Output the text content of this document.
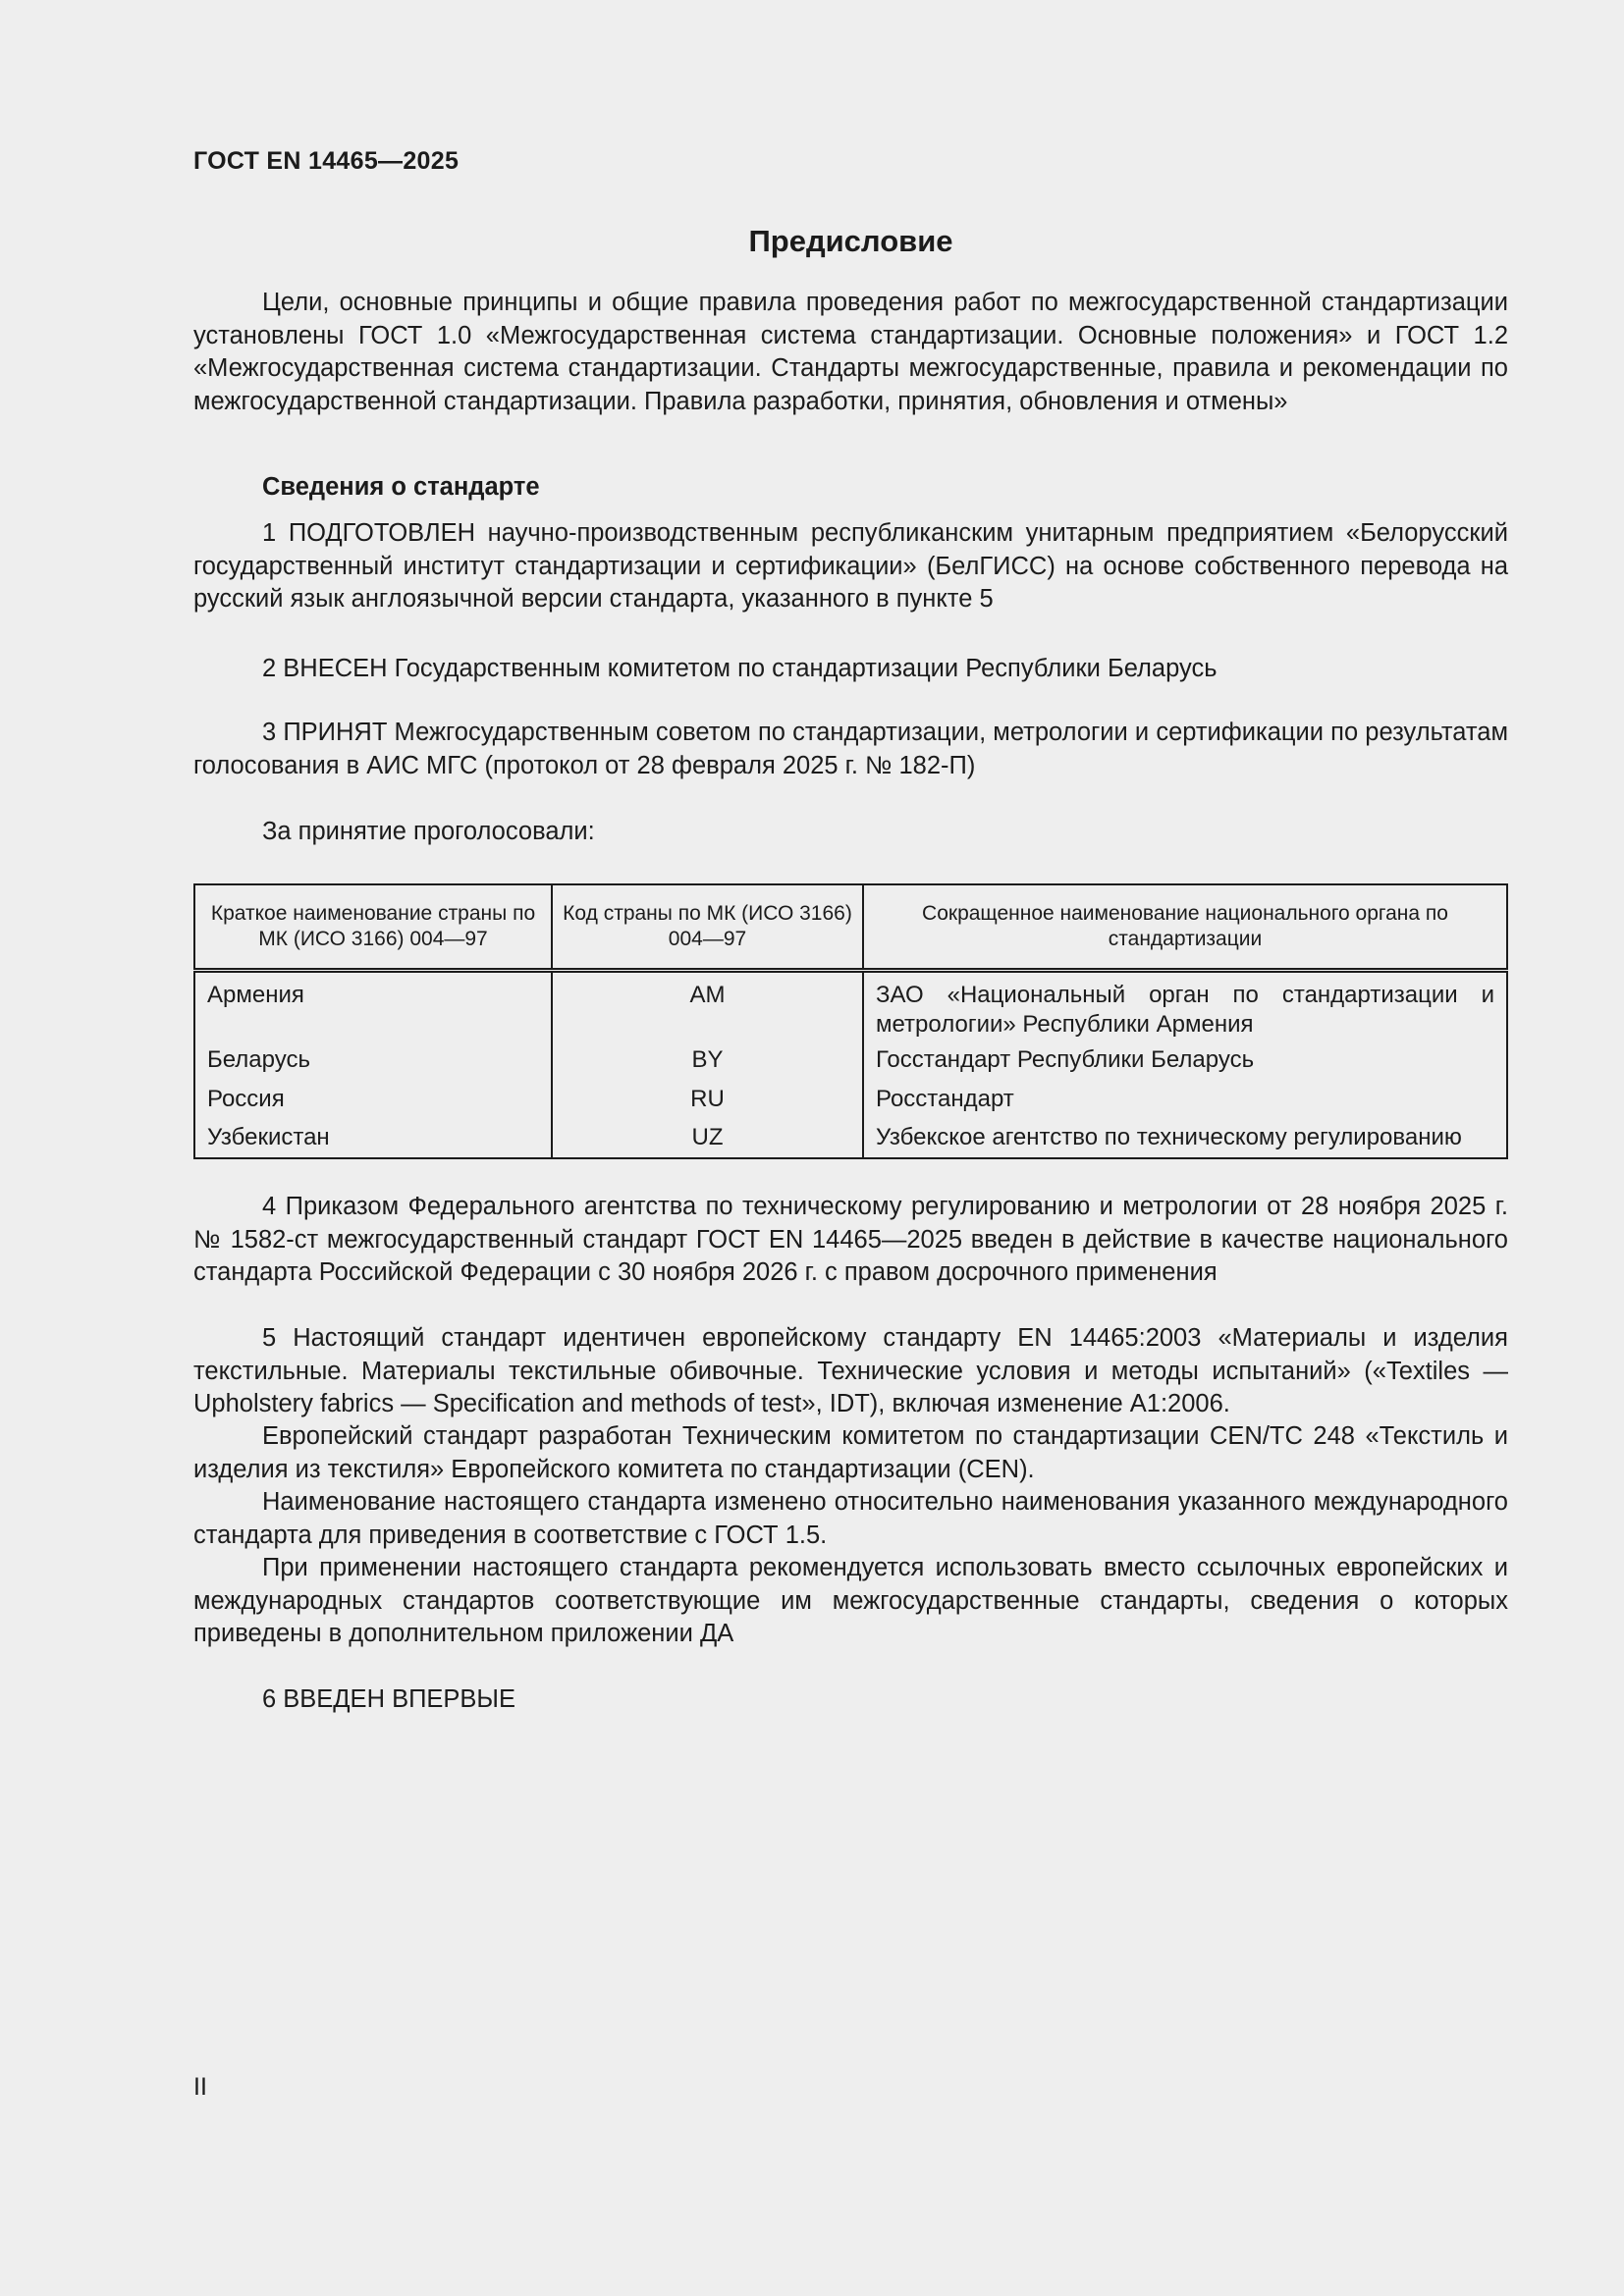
ГОСТ EN 14465—2025
Предисловие

Цели, основные принципы и общие правила проведения работ по межгосударственной стандартизации установлены ГОСТ 1.0 «Межгосударственная система стандартизации. Основные положения» и ГОСТ 1.2 «Межгосударственная система стандартизации. Стандарты межгосударственные, правила и рекомендации по межгосударственной стандартизации. Правила разработки, принятия, обновления и отмены»

Сведения о стандарте

1 ПОДГОТОВЛЕН научно-производственным республиканским унитарным предприятием «Белорусский государственный институт стандартизации и сертификации» (БелГИСС) на основе собственного перевода на русский язык англоязычной версии стандарта, указанного в пункте 5

2 ВНЕСЕН Государственным комитетом по стандартизации Республики Беларусь

3 ПРИНЯТ Межгосударственным советом по стандартизации, метрологии и сертификации по результатам голосования в АИС МГС (протокол от 28 февраля 2025 г. № 182-П)

За принятие проголосовали:

Краткое наименование страны по МК (ИСО 3166) 004—97	Код страны по МК (ИСО 3166) 004—97	Сокращенное наименование национального органа по стандартизации
Армения	AM	ЗАО «Национальный орган по стандартизации и метрологии» Республики Армения
Беларусь	BY	Госстандарт Республики Беларусь
Россия	RU	Росстандарт
Узбекистан	UZ	Узбекское агентство по техническому регулированию

4 Приказом Федерального агентства по техническому регулированию и метрологии от 28 ноября 2025 г. № 1582-ст межгосударственный стандарт ГОСТ EN 14465—2025 введен в действие в качестве национального стандарта Российской Федерации с 30 ноября 2026 г. с правом досрочного применения

5 Настоящий стандарт идентичен европейскому стандарту EN 14465:2003 «Материалы и изделия текстильные. Материалы текстильные обивочные. Технические условия и методы испытаний» («Textiles — Upholstery fabrics — Specification and methods of test», IDT), включая изменение A1:2006.

Европейский стандарт разработан Техническим комитетом по стандартизации CEN/TC 248 «Текстиль и изделия из текстиля» Европейского комитета по стандартизации (CEN).

Наименование настоящего стандарта изменено относительно наименования указанного международного стандарта для приведения в соответствие с ГОСТ 1.5.

При применении настоящего стандарта рекомендуется использовать вместо ссылочных европейских и международных стандартов соответствующие им межгосударственные стандарты, сведения о которых приведены в дополнительном приложении ДА

6 ВВЕДЕН ВПЕРВЫЕ

II
